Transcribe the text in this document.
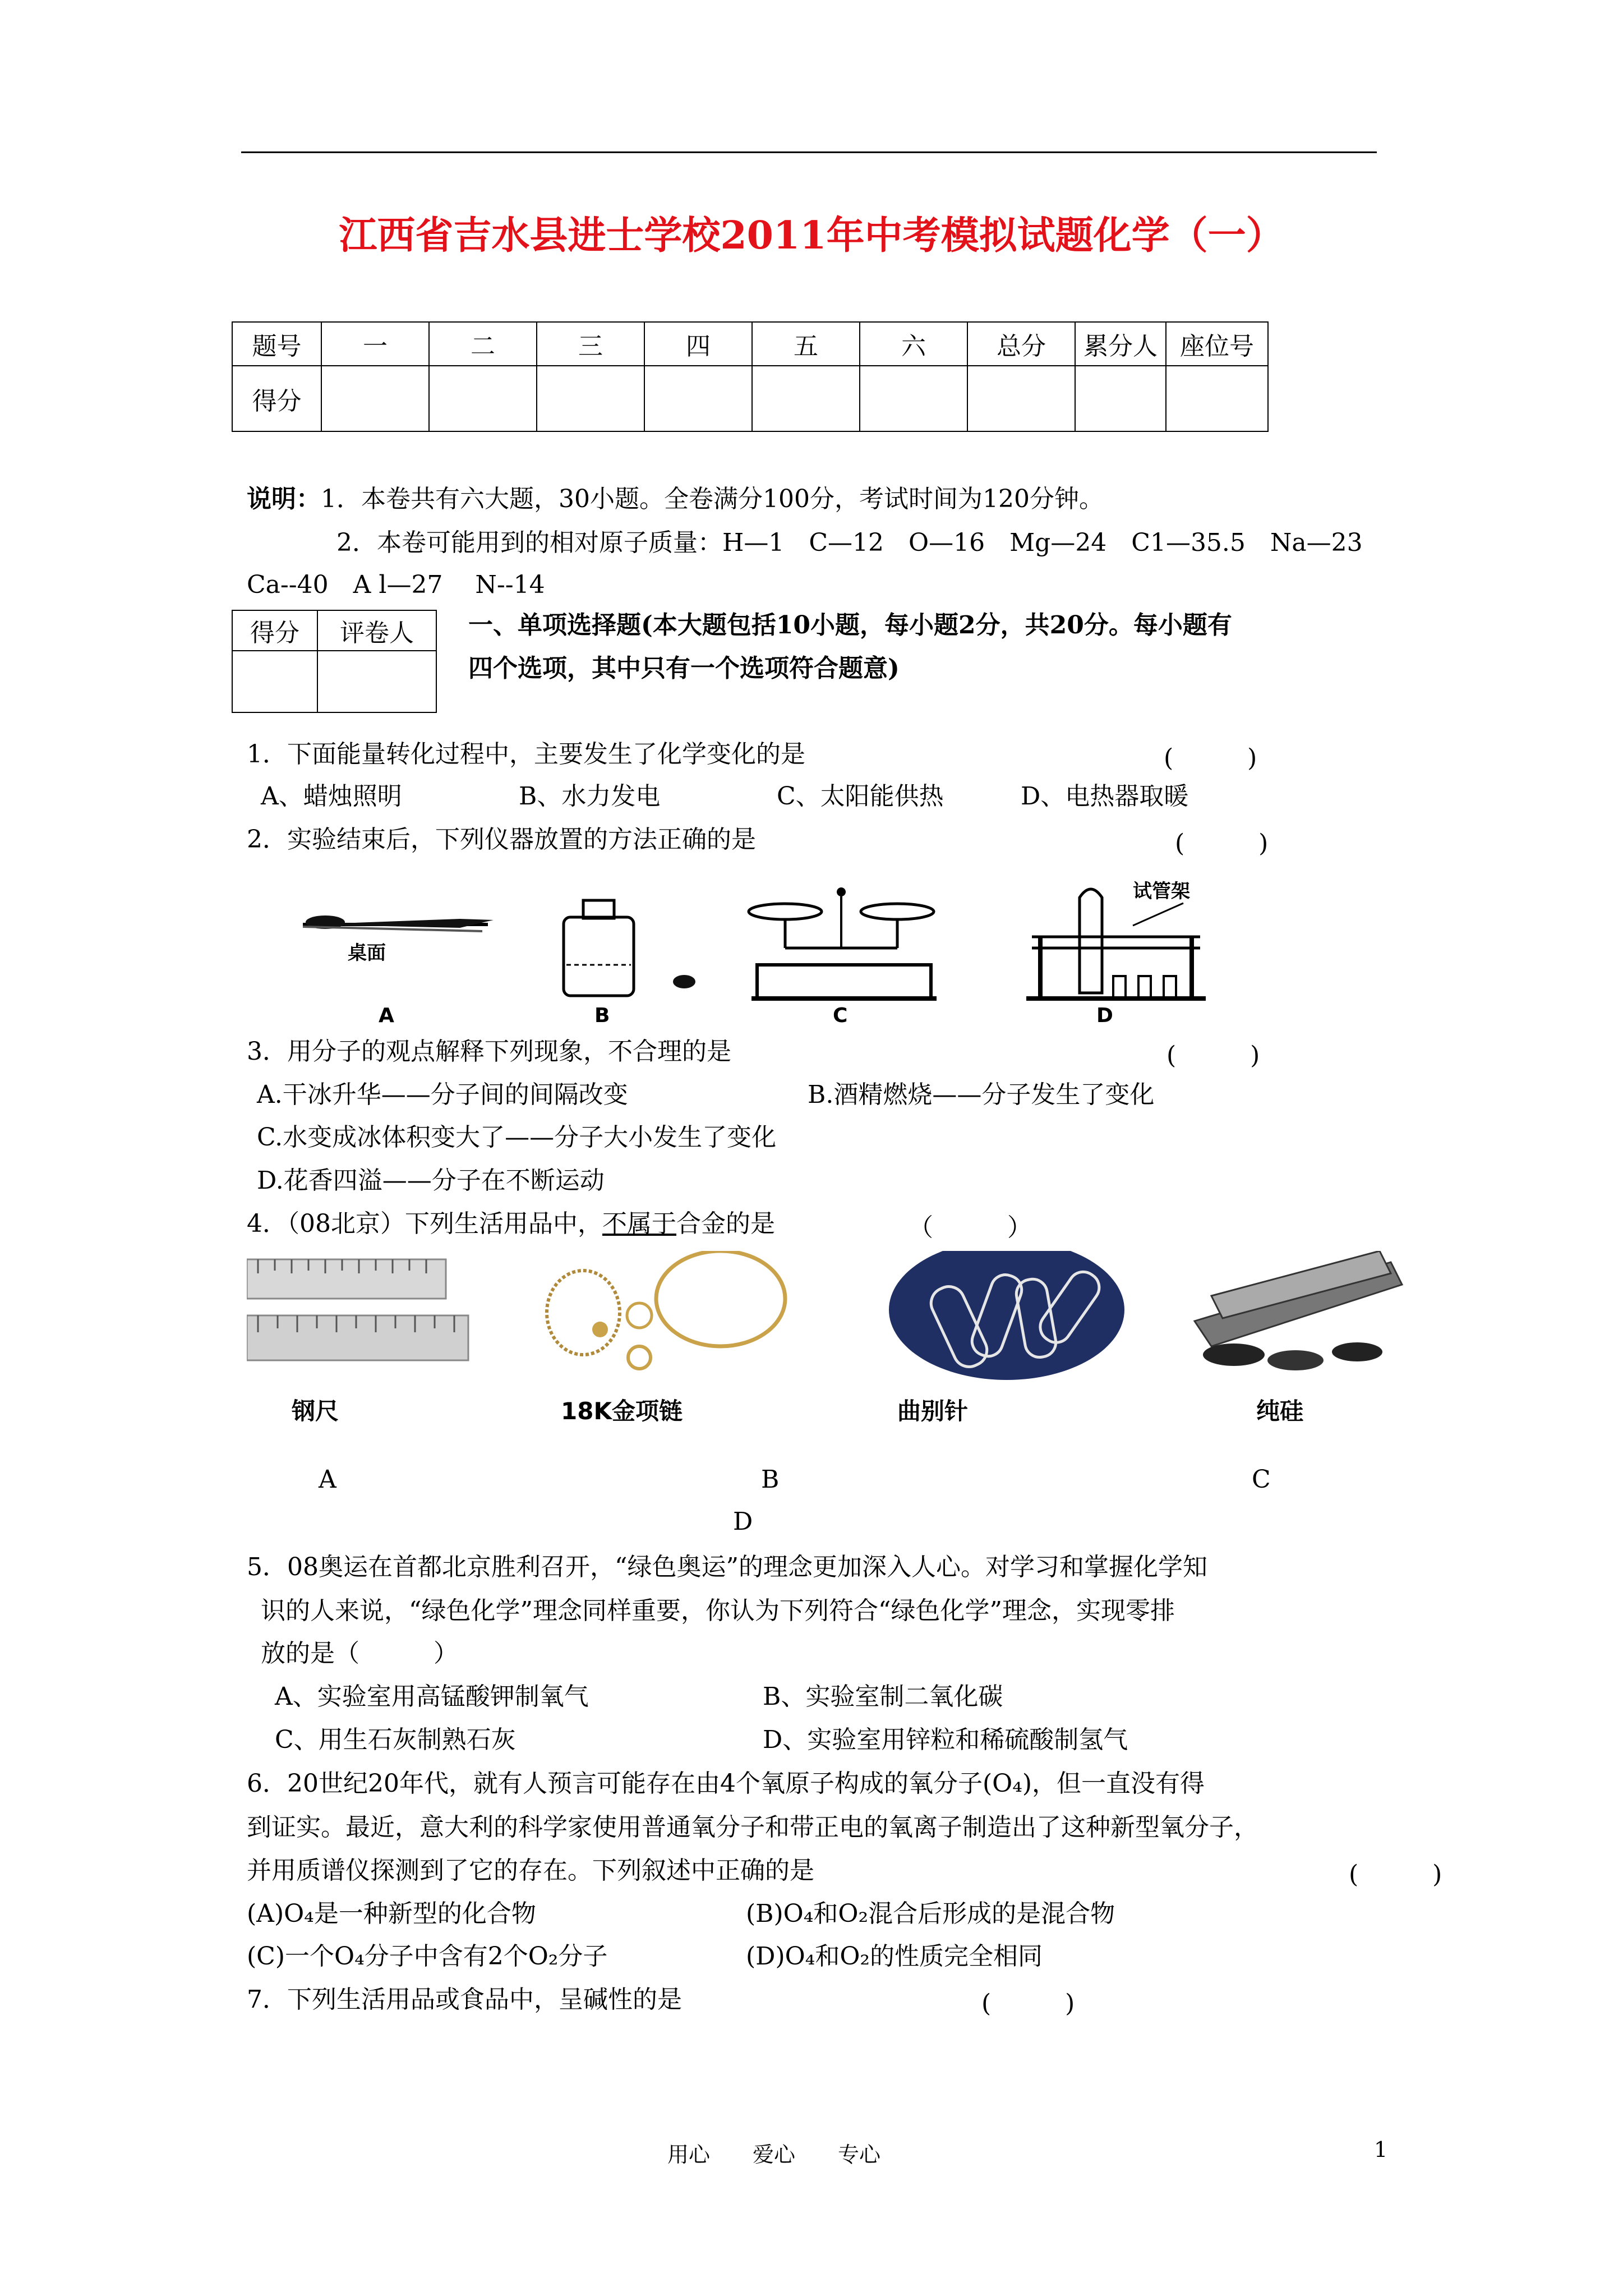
江西省吉水县进士学校2011年中考模拟试题化学（一）
题号	一	二	三	四	五	六	总分	累分人	座位号
得分									
说明：1．本卷共有六大题，30小题。全卷满分100分，考试时间为120分钟。
2．本卷可能用到的相对原子质量：H—1　C—12　O—16　Mg—24　C1—35.5　Na—23
Ca--40　A l—27　 N--14
得分	评卷人
	一、单项选择题(本大题包括10小题，每小题2分，共20分。每小题有
四个选项，其中只有一个选项符合题意)
1．下面能量转化过程中，主要发生了化学变化的是	(　　　)
A、蜡烛照明	B、水力发电	C、太阳能供热	D、电热器取暖
2．实验结束后，下列仪器放置的方法正确的是	(　　　)
桌面
试管架
A	B	C	D
3．用分子的观点解释下列现象，不合理的是	(　　　)
A.干冰升华——分子间的间隔改变	B.酒精燃烧——分子发生了变化
C.水变成冰体积变大了——分子大小发生了变化
D.花香四溢——分子在不断运动
4．（08北京）下列生活用品中，不属于合金的是	（　　　）
钢尺	18K金项链	曲别针	纯硅
A	B	C
D
5．08奥运在首都北京胜利召开，“绿色奥运”的理念更加深入人心。对学习和掌握化学知
识的人来说，“绿色化学”理念同样重要，你认为下列符合“绿色化学”理念，实现零排
放的是（　　　）
A、实验室用高锰酸钾制氧气	B、实验室制二氧化碳
C、用生石灰制熟石灰	D、实验室用锌粒和稀硫酸制氢气
6．20世纪20年代，就有人预言可能存在由4个氧原子构成的氧分子(O₄)，但一直没有得
到证实。最近，意大利的科学家使用普通氧分子和带正电的氧离子制造出了这种新型氧分子，
并用质谱仪探测到了它的存在。下列叙述中正确的是	(　　　)
(A)O₄是一种新型的化合物	(B)O₄和O₂混合后形成的是混合物
(C)一个O₄分子中含有2个O₂分子	(D)O₄和O₂的性质完全相同
7．下列生活用品或食品中，呈碱性的是	(　　　)
用心　　爱心　　专心	1
